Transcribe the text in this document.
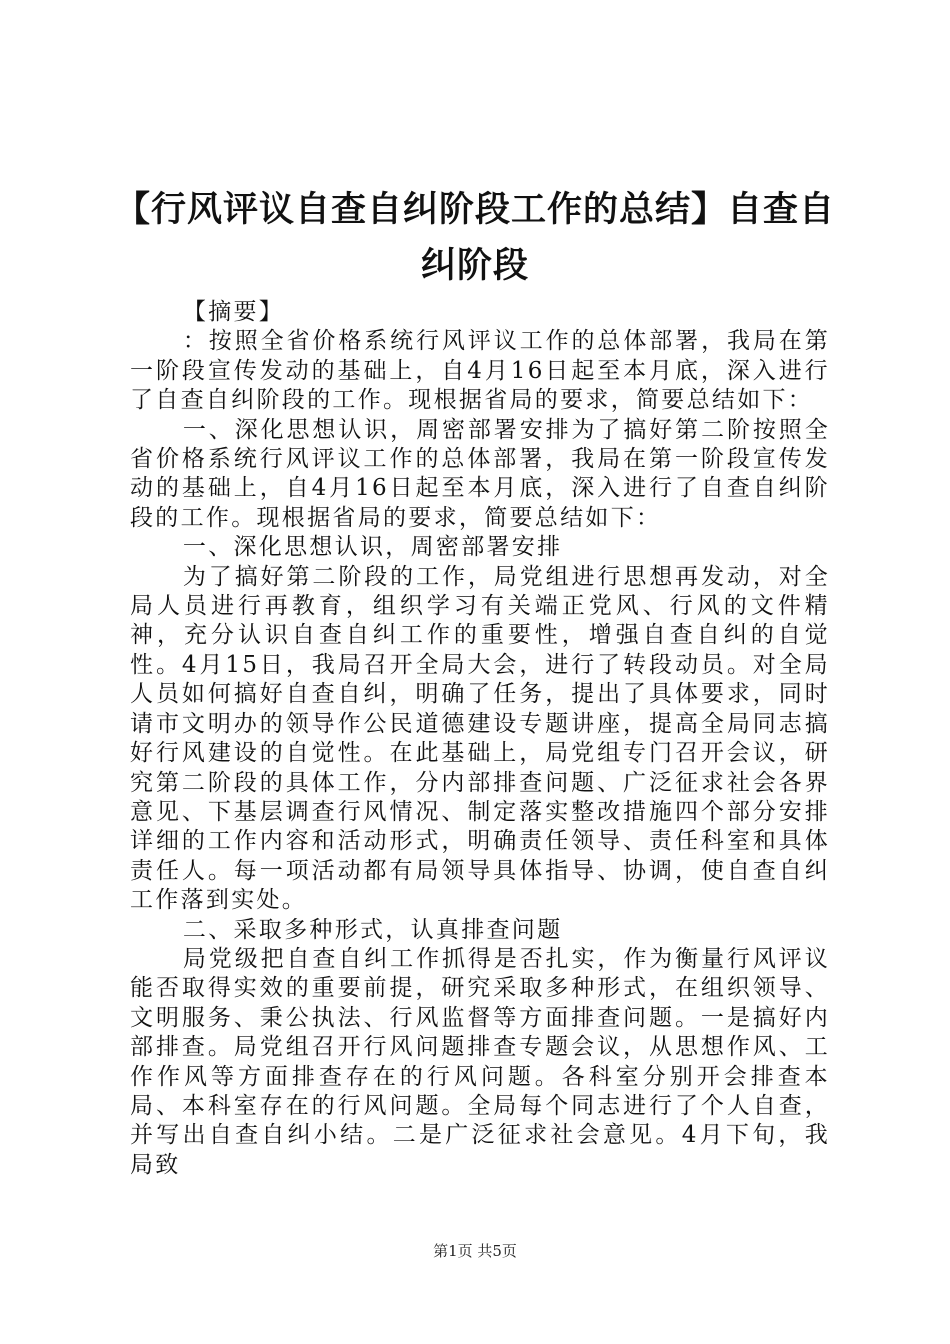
【行风评议自查自纠阶段工作的总结】自查自纠阶段

【摘要】

：按照全省价格系统行风评议工作的总体部署，我局在第一阶段宣传发动的基础上，自4月16日起至本月底，深入进行了自查自纠阶段的工作。现根据省局的要求，简要总结如下：

一、深化思想认识，周密部署安排为了搞好第二阶按照全省价格系统行风评议工作的总体部署，我局在第一阶段宣传发动的基础上，自4月16日起至本月底，深入进行了自查自纠阶段的工作。现根据省局的要求，简要总结如下：

一、深化思想认识，周密部署安排

为了搞好第二阶段的工作，局党组进行思想再发动，对全局人员进行再教育，组织学习有关端正党风、行风的文件精神，充分认识自查自纠工作的重要性，增强自查自纠的自觉性。4月15日，我局召开全局大会，进行了转段动员。对全局人员如何搞好自查自纠，明确了任务，提出了具体要求，同时请市文明办的领导作公民道德建设专题讲座，提高全局同志搞好行风建设的自觉性。在此基础上，局党组专门召开会议，研究第二阶段的具体工作，分内部排查问题、广泛征求社会各界意见、下基层调查行风情况、制定落实整改措施四个部分安排详细的工作内容和活动形式，明确责任领导、责任科室和具体责任人。每一项活动都有局领导具体指导、协调，使自查自纠工作落到实处。

二、采取多种形式，认真排查问题

局党级把自查自纠工作抓得是否扎实，作为衡量行风评议能否取得实效的重要前提，研究采取多种形式，在组织领导、文明服务、秉公执法、行风监督等方面排查问题。一是搞好内部排查。局党组召开行风问题排查专题会议，从思想作风、工作作风等方面排查存在的行风问题。各科室分别开会排查本局、本科室存在的行风问题。全局每个同志进行了个人自查，并写出自查自纠小结。二是广泛征求社会意见。4月下旬，我局致

第1页 共5页
